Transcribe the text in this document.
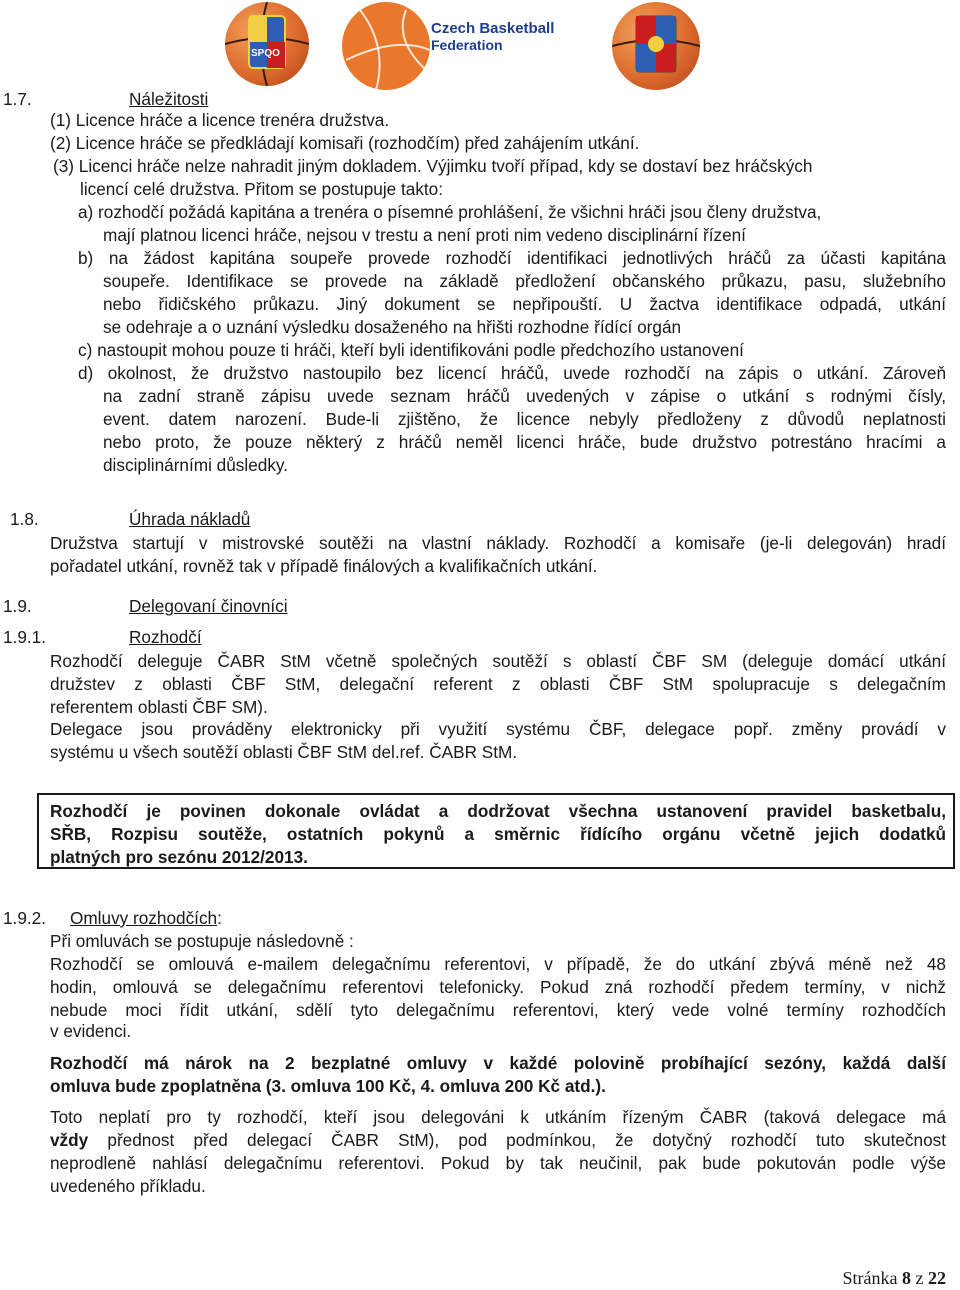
SPQO
Czech Basketball
Federation
1.7.	Náležitosti
(1) Licence hráče a licence trenéra družstva.
(2) Licence hráče se předkládají komisaři (rozhodčím) před zahájením utkání.
(3) Licenci hráče nelze nahradit jiným dokladem. Výjimku tvoří případ, kdy se dostaví bez hráčských
licencí celé družstva. Přitom se postupuje takto:
a) rozhodčí požádá kapitána a trenéra o písemné prohlášení, že všichni hráči jsou členy družstva,
mají platnou licenci hráče, nejsou v trestu a není proti nim vedeno disciplinární řízení
b) na žádost kapitána soupeře provede rozhodčí identifikaci jednotlivých hráčů za účasti kapitána
soupeře. Identifikace se provede na základě předložení občanského průkazu, pasu, služebního
nebo řidičského průkazu. Jiný dokument se nepřipouští. U žactva identifikace odpadá, utkání
se odehraje a o uznání výsledku dosaženého na hřišti rozhodne řídící orgán
c) nastoupit mohou pouze ti hráči, kteří byli identifikováni podle předchozího ustanovení
d) okolnost, že družstvo nastoupilo bez licencí hráčů, uvede rozhodčí na zápis o utkání. Zároveň
na zadní straně zápisu uvede seznam hráčů uvedených v zápise o utkání s rodnými čísly,
event. datem narození. Bude-li zjištěno, že licence nebyly předloženy z důvodů neplatnosti
nebo proto, že pouze některý z hráčů neměl licenci hráče, bude družstvo potrestáno hracími a
disciplinárními důsledky.
1.8.	Úhrada nákladů
Družstva startují v mistrovské soutěži na vlastní náklady. Rozhodčí a komisaře (je-li delegován) hradí
pořadatel utkání, rovněž tak v případě finálových a kvalifikačních utkání.
1.9.	Delegovaní činovníci
1.9.1.	Rozhodčí
Rozhodčí deleguje ČABR StM včetně společných soutěží s oblastí ČBF SM (deleguje domácí utkání
družstev z oblasti ČBF StM, delegační referent z oblasti ČBF StM spolupracuje s delegačním
referentem oblasti ČBF SM).
Delegace jsou prováděny elektronicky při využití systému ČBF, delegace popř. změny provádí v
systému u všech soutěží oblasti ČBF StM del.ref. ČABR StM.
Rozhodčí je povinen dokonale ovládat a dodržovat všechna ustanovení pravidel basketbalu,
SŘB, Rozpisu soutěže, ostatních pokynů a směrnic řídícího orgánu včetně jejich dodatků
platných pro sezónu 2012/2013.
1.9.2. Omluvy rozhodčích:
Při omluvách se postupuje následovně :
Rozhodčí se omlouvá e-mailem delegačnímu referentovi, v případě, že do utkání zbývá méně než 48
hodin, omlouvá se delegačnímu referentovi telefonicky. Pokud zná rozhodčí předem termíny, v nichž
nebude moci řídit utkání, sdělí tyto delegačnímu referentovi, který vede volné termíny rozhodčích
v evidenci.
Rozhodčí má nárok na 2 bezplatné omluvy v každé polovině probíhající sezóny, každá další
omluva bude zpoplatněna (3. omluva 100 Kč, 4. omluva 200 Kč atd.).
Toto neplatí pro ty rozhodčí, kteří jsou delegováni k utkáním řízeným ČABR (taková delegace má
vždy přednost před delegací ČABR StM), pod podmínkou, že dotyčný rozhodčí tuto skutečnost
neprodleně nahlásí delegačnímu referentovi. Pokud by tak neučinil, pak bude pokutován podle výše
uvedeného příkladu.
Stránka 8 z 22
